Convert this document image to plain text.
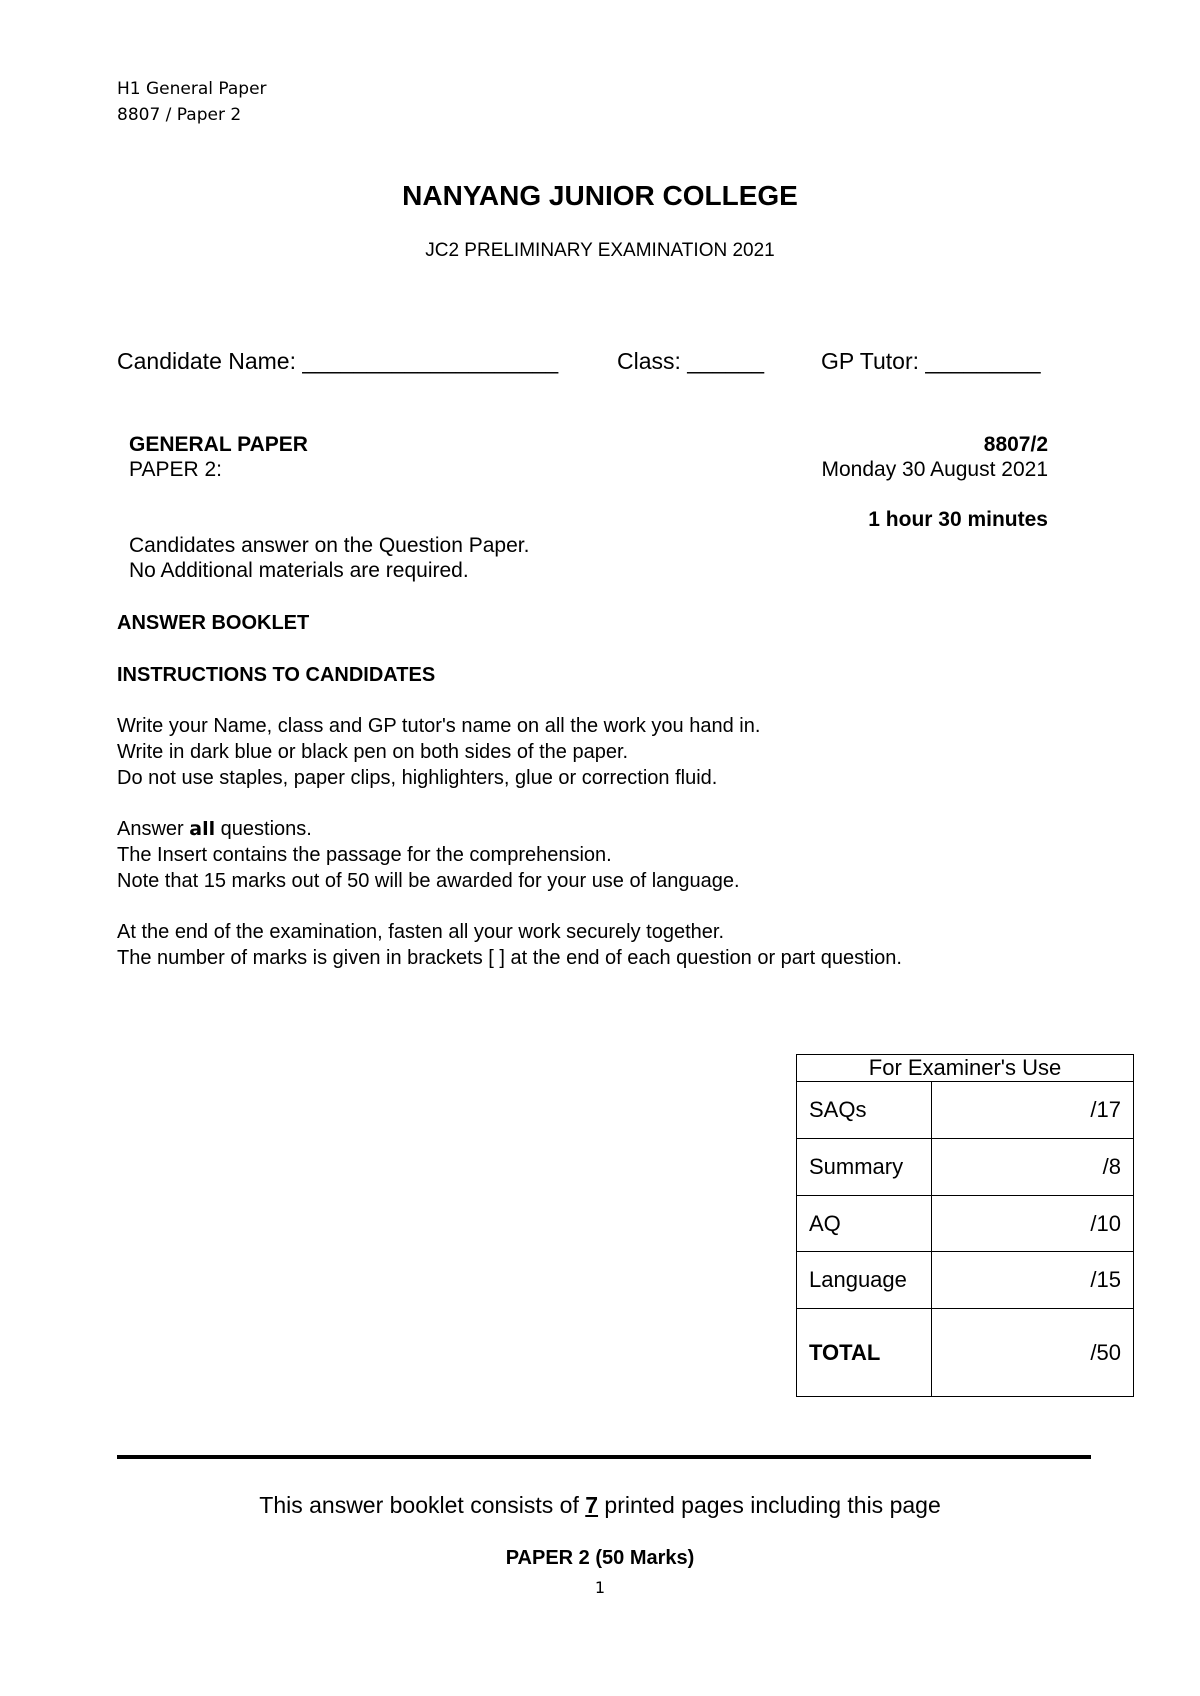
H1 General Paper
8807 / Paper 2
NANYANG JUNIOR COLLEGE
JC2 PRELIMINARY EXAMINATION 2021
Candidate Name: ____________________	Class: ______ GP Tutor: _________
GENERAL PAPER	8807/2
PAPER 2:	Monday 30 August 2021
1 hour 30 minutes
Candidates answer on the Question Paper.
No Additional materials are required.
ANSWER BOOKLET
INSTRUCTIONS TO CANDIDATES

Write your Name, class and GP tutor's name on all the work you hand in.

Write in dark blue or black pen on both sides of the paper.

Do not use staples, paper clips, highlighters, glue or correction fluid.

Answer all questions.

The Insert contains the passage for the comprehension.

Note that 15 marks out of 50 will be awarded for your use of language.

At the end of the examination, fasten all your work securely together.

The number of marks is given in brackets [ ] at the end of each question or part question.

For Examiner's Use	
SAQs	/17
Summary	/8
AQ	/10
Language	/15
TOTAL	/50
This answer booklet consists of 7 printed pages including this page
PAPER 2 (50 Marks)
1
